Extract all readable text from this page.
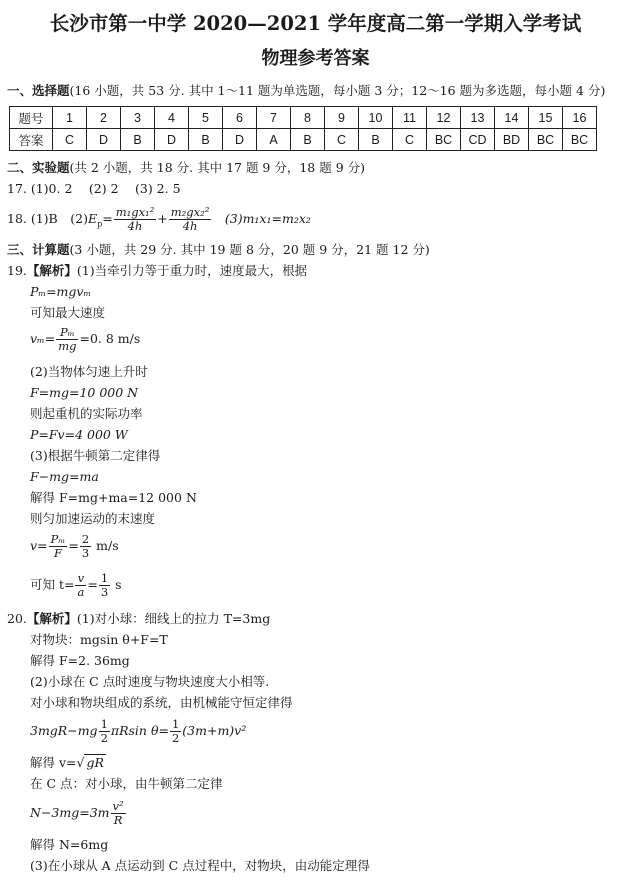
长沙市第一中学 2020—2021 学年度高二第一学期入学考试
物理参考答案
一、选择题(16 小题，共 53 分. 其中 1～11 题为单选题，每小题 3 分；12～16 题为多选题，每小题 4 分)
题号	1	2	3	4	5	6	7	8	9	10	11	12	13	14	15	16
答案	C	D	B	D	B	D	A	B	C	B	C	BC	CD	BD	BC	BC
二、实验题(共 2 小题，共 18 分. 其中 17 题 9 分，18 题 9 分)
17. (1)0. 2　 (2) 2　 (3) 2. 5
18. (1)B　$(2)E_p= \frac{\text{m₁gx₁²}}{4h} + \frac{\text{m₂gx₂²}}{4h}$
　 (3)m₁x₁=m₂x₂
三、计算题(3 小题，共 29 分. 其中 19 题 8 分，20 题 9 分，21 题 12 分)
19.【解析】(1)当牵引力等于重力时，速度最大，根据
Pₘ=mgvₘ
可知最大速度
$v_m= \frac{\text{Pₘ}}{mg} =0$. 8 m/s
(2)当物体匀速上升时
F=mg=10 000 N
则起重机的实际功率
P=Fv=4 000 W
(3)根据牛顿第二定律得
F−mg=ma
解得 F=mg+ma=12 000 N
则匀加速运动的末速度
$v= \frac{\text{Pₘ}}{F} = \frac{2}{3} m/s$
可知 $t= \frac{v}{a} = \frac{1}{3}$ s
20.【解析】(1)对小球：细线上的拉力 T=3mg
对物块：mgsin θ+F=T
解得 F=2. 36mg
(2)小球在 C 点时速度与物块速度大小相等.
对小球和物块组成的系统，由机械能守恒定律得
$3mgR-mg \frac{1}{2}$ πRsin $\theta= \frac{1}{2} (3m+m)v^2$
解得 v=√ gR
在 C 点：对小球，由牛顿第二定律
$N-3mg=3m \frac{\text{v²}}{R}$
解得 N=6mg
(3)在小球从 A 点运动到 C 点过程中，对物块，由动能定理得
